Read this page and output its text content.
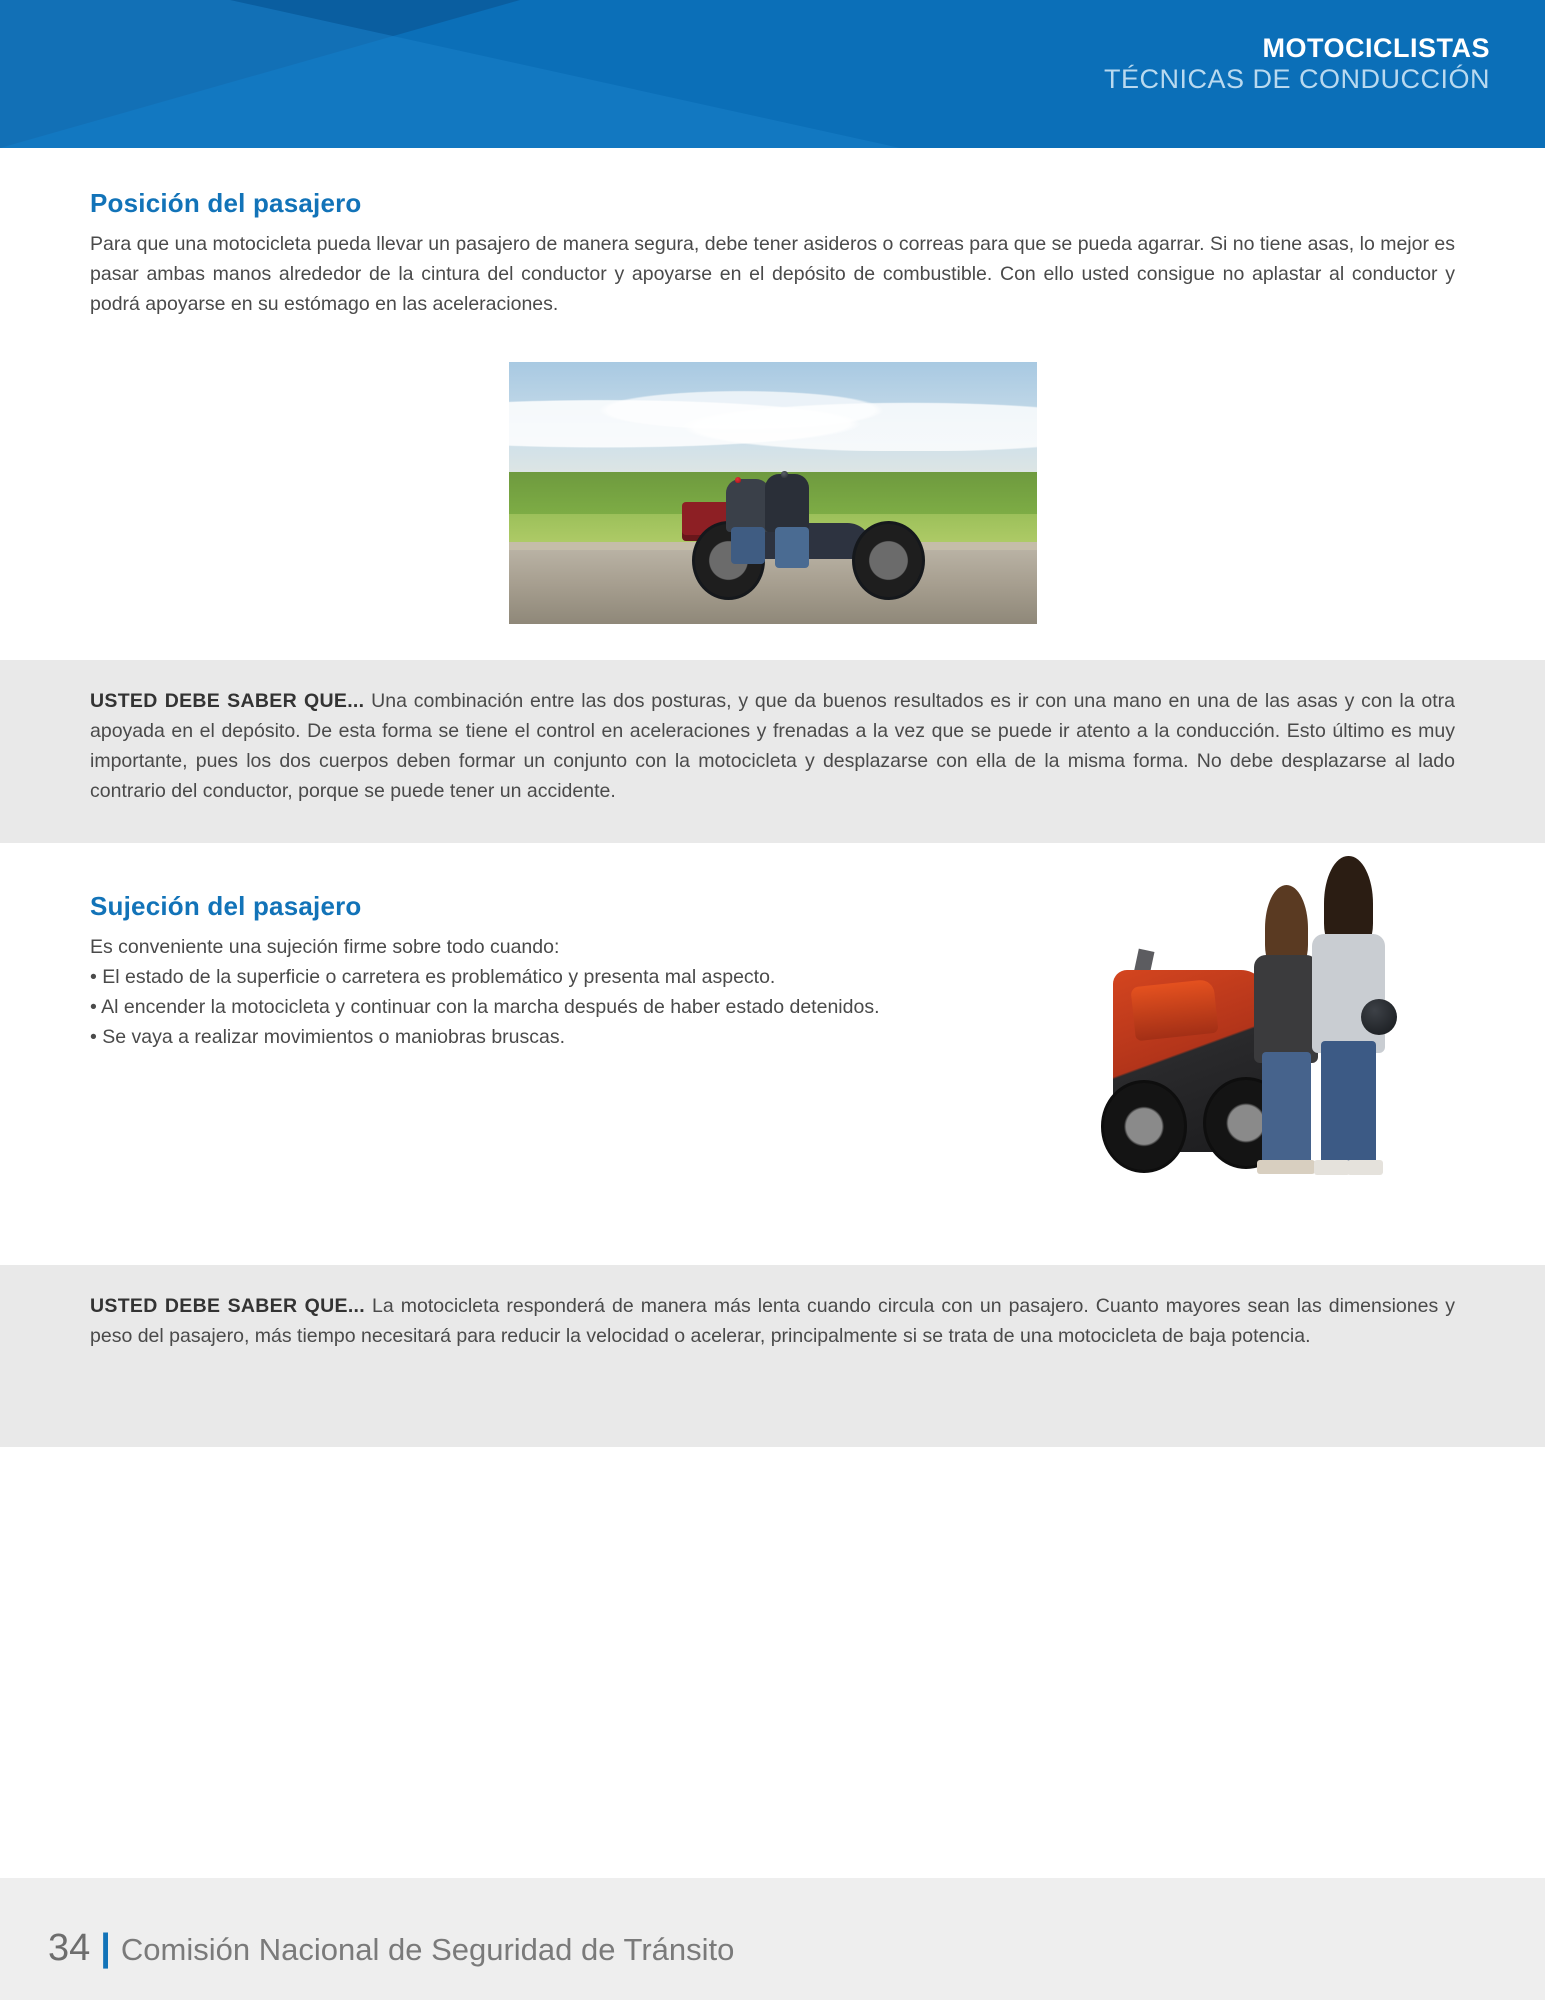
MOTOCICLISTAS
TÉCNICAS DE CONDUCCIÓN
Posición del pasajero

Para que una motocicleta pueda llevar un pasajero de manera segura, debe tener asideros o correas para que se pueda agarrar. Si no tiene asas, lo mejor es pasar ambas manos alrededor de la cintura del conductor y apoyarse en el depósito de combustible. Con ello usted consigue no aplastar al conductor y podrá apoyarse en su estómago en las aceleraciones.

USTED DEBE SABER QUE... Una combinación entre las dos posturas, y que da buenos resultados es ir con una mano en una de las asas y con la otra apoyada en el depósito. De esta forma se tiene el control en aceleraciones y frenadas a la vez que se puede ir atento a la conducción. Esto último es muy importante, pues los dos cuerpos deben formar un conjunto con la motocicleta y desplazarse con ella de la misma forma. No debe desplazarse al lado contrario del conductor, porque se puede tener un accidente.

Sujeción del pasajero

Es conveniente una sujeción firme sobre todo cuando:

• El estado de la superficie o carretera es problemático y presenta mal aspecto.

• Al encender la motocicleta y continuar con la marcha después de haber estado detenidos.

• Se vaya a realizar movimientos o maniobras bruscas.

USTED DEBE SABER QUE... La motocicleta responderá de manera más lenta cuando circula con un pasajero. Cuanto mayores sean las dimensiones y peso del pasajero, más tiempo necesitará para reducir la velocidad o acelerar, principalmente si se trata de una motocicleta de baja potencia.

34 | Comisión Nacional de Seguridad de Tránsito
